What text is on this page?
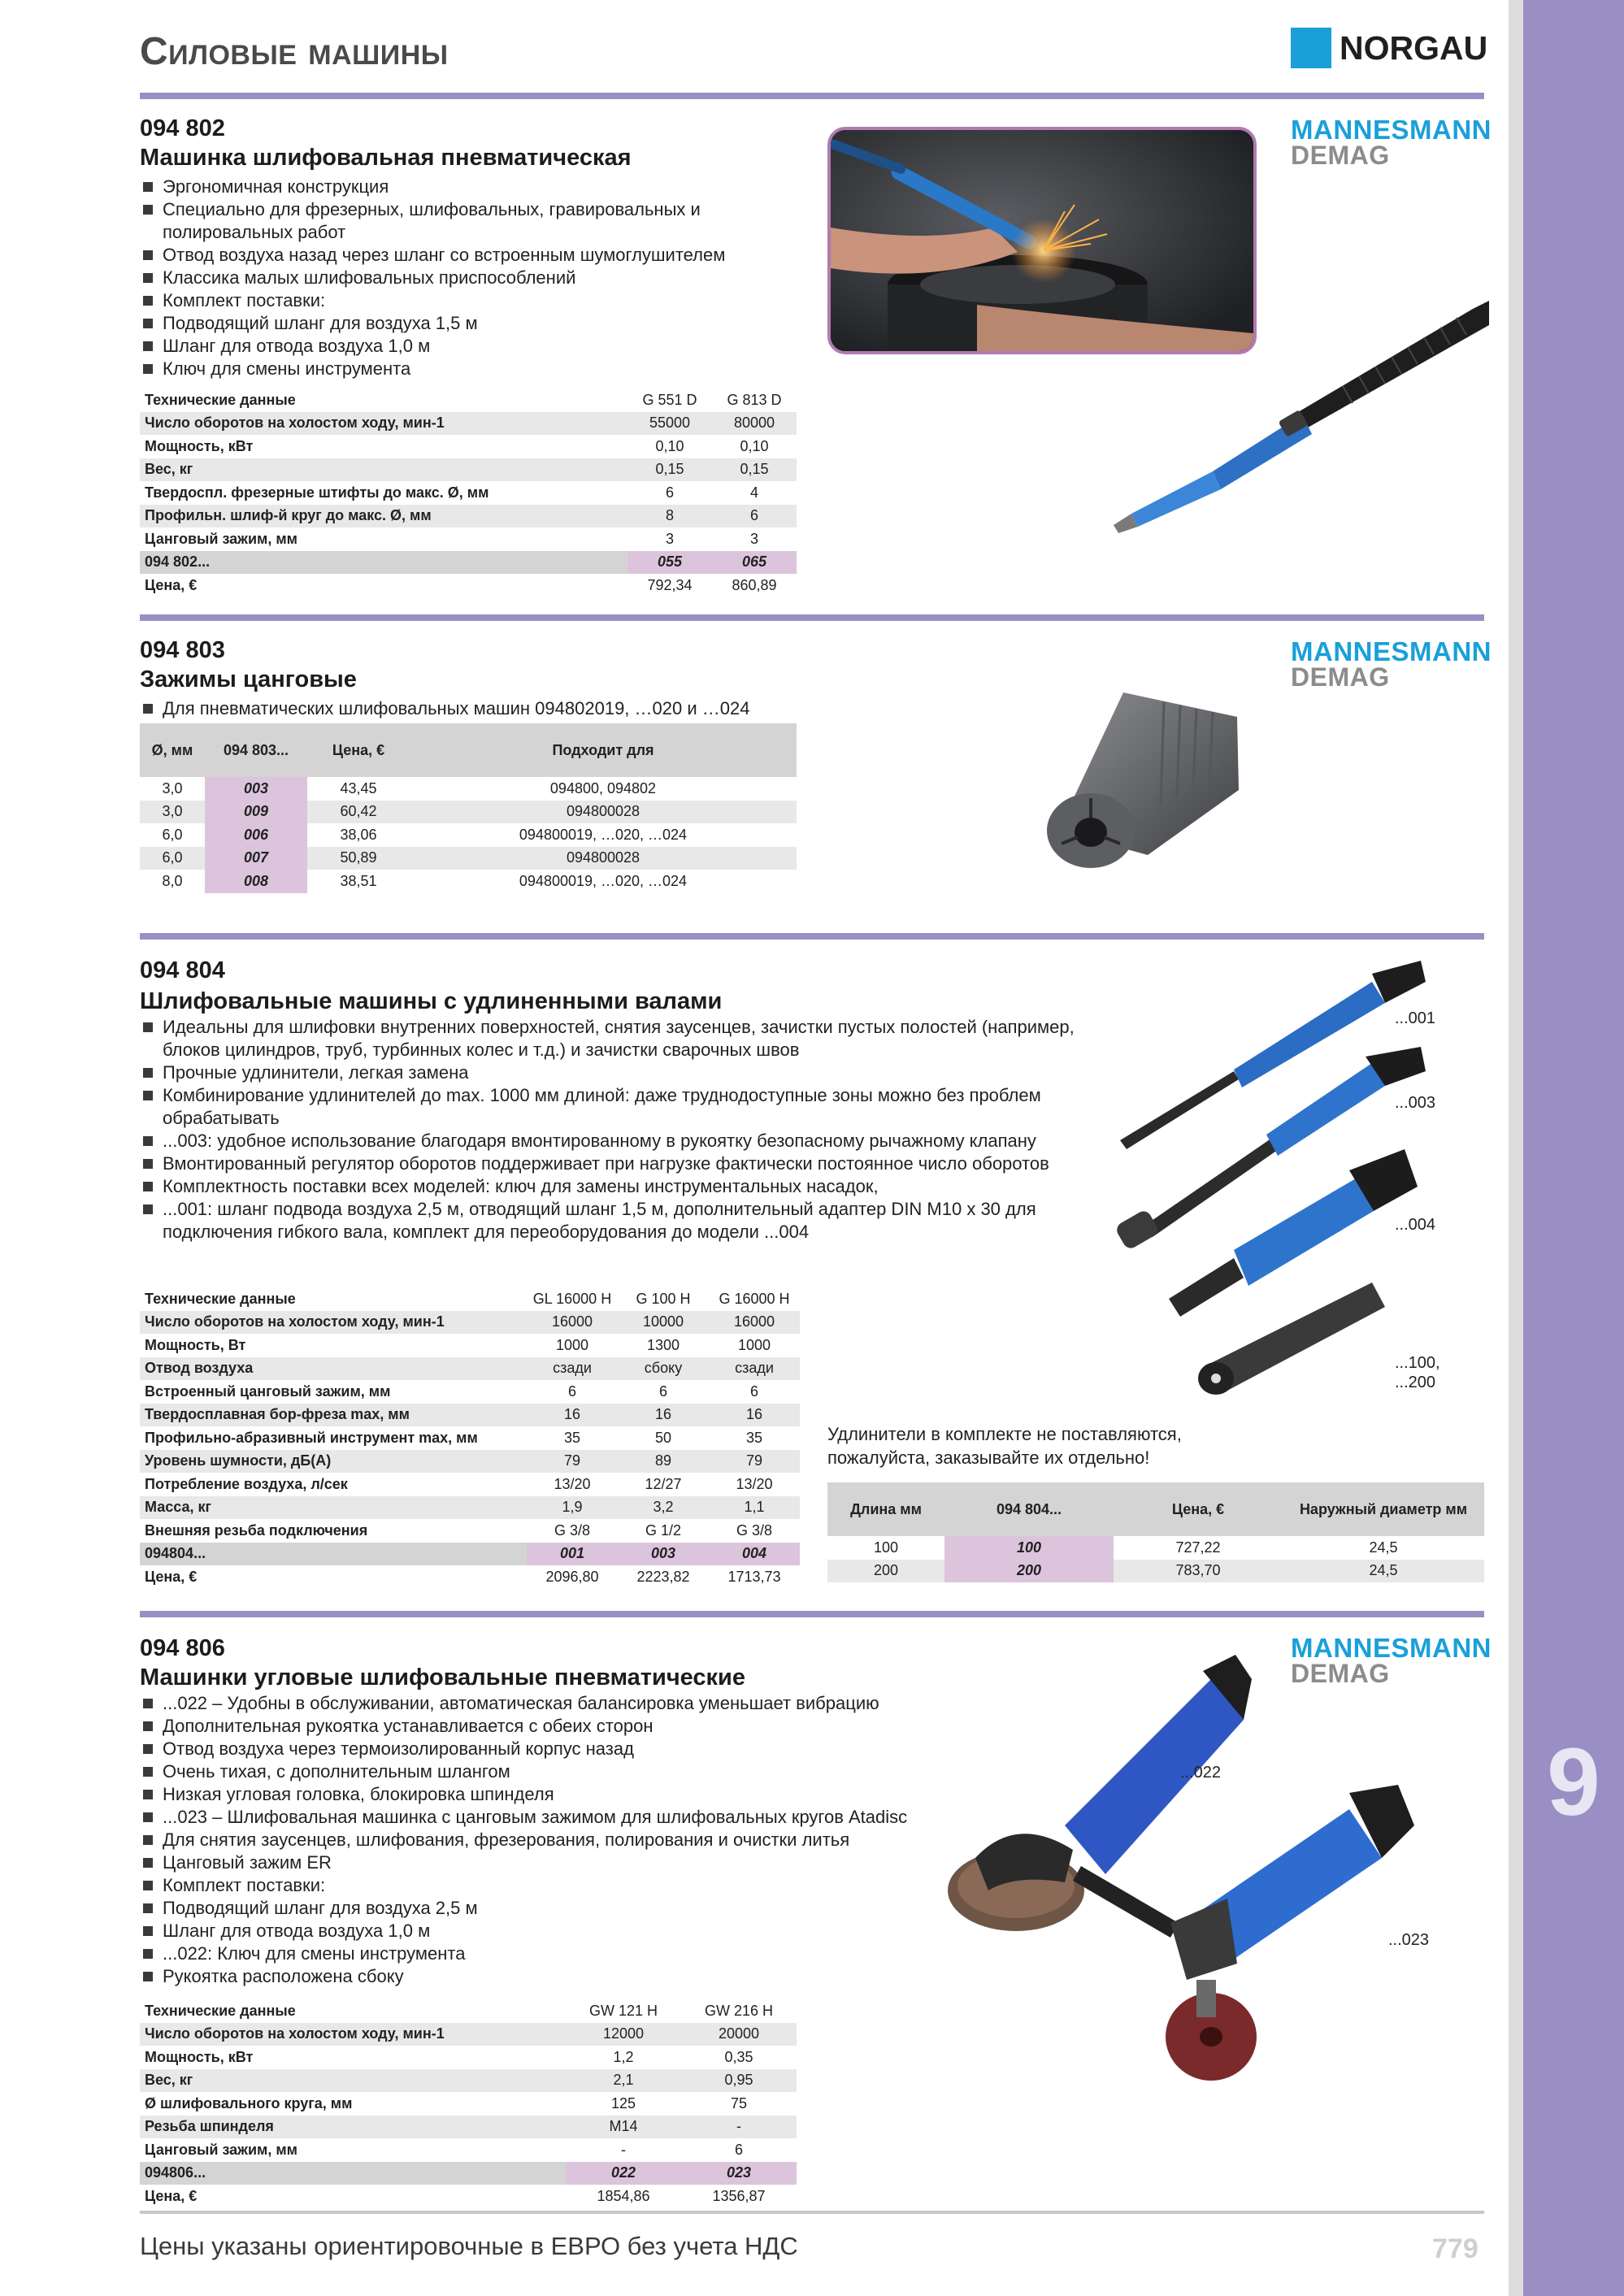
9
Силовые машины	NORGAU
094 802
Машинка шлифовальная пневматическая
Эргономичная конструкция
Специально для фрезерных, шлифовальных, гравировальных и полировальных работ
Отвод воздуха назад через шланг со встроенным шумоглушителем
Классика малых шлифовальных приспособлений
Комплект поставки:
Подводящий шланг для воздуха 1,5 м
Шланг для отвода воздуха 1,0 м
Ключ для смены инструмента
MANNESMANN
DEMAG
Технические данные	G 551 D	G 813 D
Число оборотов на холостом ходу, мин-1	55000	80000
Мощность, кВт	0,10	0,10
Вес, кг	0,15	0,15
Твердоспл. фрезерные штифты до макс. Ø, мм	6	4
Профильн. шлиф-й круг до макс. Ø, мм	8	6
Цанговый зажим, мм	3	3
094 802...	055	065
Цена, €	792,34	860,89
094 803
Зажимы цанговые
Для пневматических шлифовальных машин 094802019, …020 и …024
MANNESMANN
DEMAG
Ø, мм	094 803...	Цена, €	Подходит для
3,0	003	43,45	094800, 094802
3,0	009	60,42	094800028
6,0	006	38,06	094800019, …020, …024
6,0	007	50,89	094800028
8,0	008	38,51	094800019, …020, …024
094 804
Шлифовальные машины с удлиненными валами
Идеальны для шлифовки внутренних поверхностей, снятия заусенцев, зачистки пустых полостей (например, блоков цилиндров, труб, турбинных колес и т.д.) и зачистки сварочных швов
Прочные удлинители, легкая замена
Комбинирование удлинителей до max. 1000 мм длиной: даже труднодоступные зоны можно без проблем обрабатывать
...003: удобное использование благодаря вмонтированному в рукоятку безопасному рычажному клапану
Вмонтированный регулятор оборотов поддерживает при нагрузке фактически постоянное число оборотов
Комплектность поставки всех моделей: ключ для замены инструментальных насадок,
...001: шланг подвода воздуха 2,5 м, отводящий шланг 1,5 м, дополнительный адаптер DIN M10 x 30 для подключения гибкого вала, комплект для переоборудования до модели ...004
...001
...003
...004
...100,
...200
Технические данные	GL 16000 H	G 100 H	G 16000 H
Число оборотов на холостом ходу, мин-1	16000	10000	16000
Мощность, Вт	1000	1300	1000
Отвод воздуха	сзади	сбоку	сзади
Встроенный цанговый зажим, мм	6	6	6
Твердосплавная бор-фреза max, мм	16	16	16
Профильно-абразивный инструмент max, мм	35	50	35
Уровень шумности, дБ(А)	79	89	79
Потребление воздуха, л/сек	13/20	12/27	13/20
Масса, кг	1,9	3,2	1,1
Внешняя резьба подключения	G 3/8	G 1/2	G 3/8
094804...	001	003	004
Цена, €	2096,80	2223,82	1713,73
Удлинители в комплекте не поставляются, пожалуйста, заказывайте их отдельно!
Длина мм	094 804...	Цена, €	Наружный диаметр мм
100	100	727,22	24,5
200	200	783,70	24,5
094 806
Машинки угловые шлифовальные пневматические
...022 – Удобны в обслуживании, автоматическая балансировка уменьшает вибрацию
Дополнительная рукоятка устанавливается с обеих сторон
Отвод воздуха через термоизолированный корпус назад
Очень тихая, с дополнительным шлангом
Низкая угловая головка, блокировка шпинделя
...023 – Шлифовальная машинка с цанговым зажимом для шлифовальных кругов Atadisc
Для снятия заусенцев, шлифования, фрезерования, полирования и очистки литья
Цанговый зажим ER
Комплект поставки:
Подводящий шланг для воздуха 2,5 м
Шланг для отвода воздуха 1,0 м
...022: Ключ для смены инструмента
Рукоятка расположена сбоку
MANNESMANN
DEMAG
...022
...023
Технические данные	GW 121 H	GW 216 H
Число оборотов на холостом ходу, мин-1	12000	20000
Мощность, кВт	1,2	0,35
Вес, кг	2,1	0,95
Ø шлифовального круга, мм	125	75
Резьба шпинделя	M14	-
Цанговый зажим, мм	-	6
094806...	022	023
Цена, €	1854,86	1356,87
Цены указаны ориентировочные в ЕВРО без учета НДС	779
